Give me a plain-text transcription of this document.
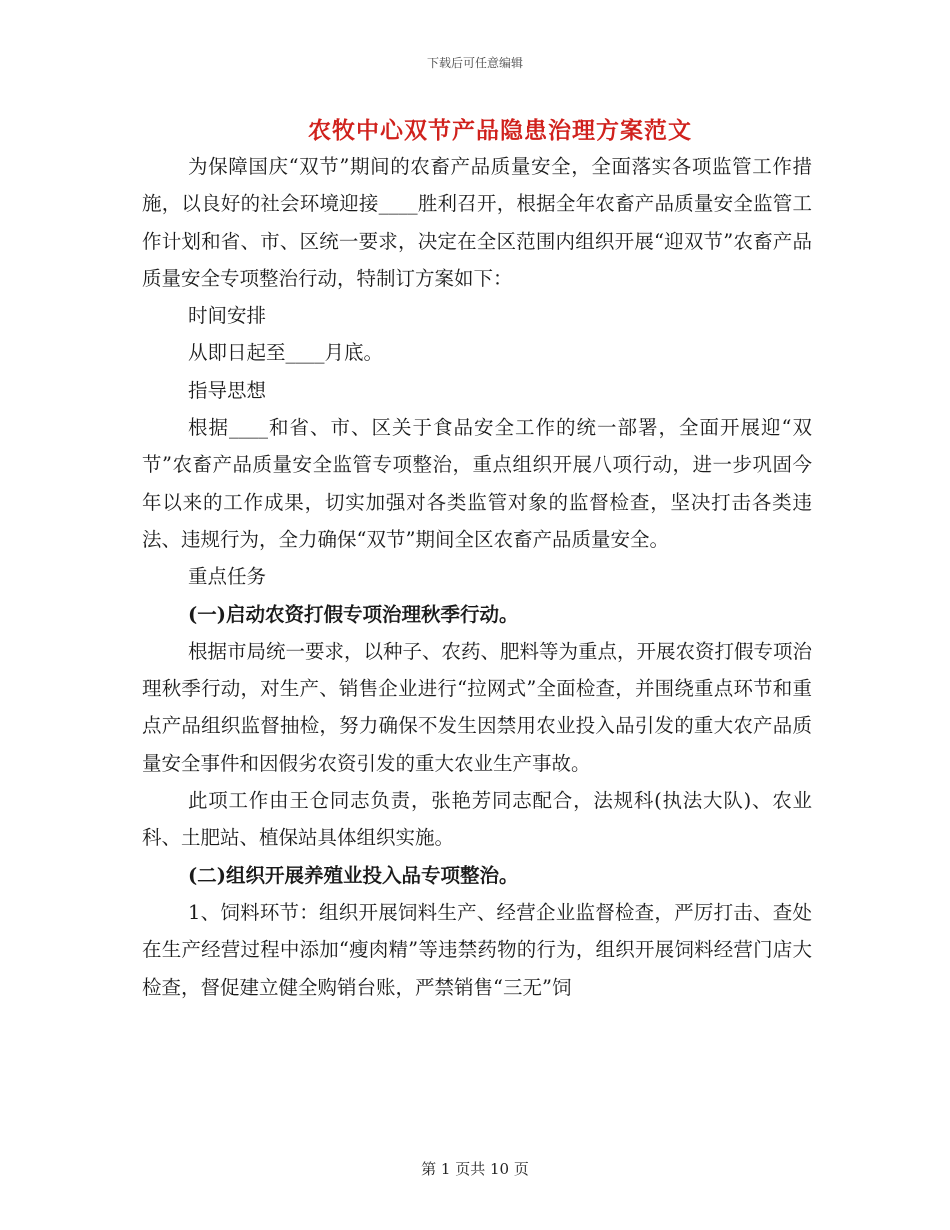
下载后可任意编辑
农牧中心双节产品隐患治理方案范文

为保障国庆“双节”期间的农畜产品质量安全，全面落实各项监管工作措施，以良好的社会环境迎接____胜利召开，根据全年农畜产品质量安全监管工作计划和省、市、区统一要求，决定在全区范围内组织开展“迎双节”农畜产品质量安全专项整治行动，特制订方案如下：

时间安排

从即日起至____月底。

指导思想

根据____和省、市、区关于食品安全工作的统一部署，全面开展迎“双节”农畜产品质量安全监管专项整治，重点组织开展八项行动，进一步巩固今年以来的工作成果，切实加强对各类监管对象的监督检查，坚决打击各类违法、违规行为，全力确保“双节”期间全区农畜产品质量安全。

重点任务

(一)启动农资打假专项治理秋季行动。

根据市局统一要求，以种子、农药、肥料等为重点，开展农资打假专项治理秋季行动，对生产、销售企业进行“拉网式”全面检查，并围绕重点环节和重点产品组织监督抽检，努力确保不发生因禁用农业投入品引发的重大农产品质量安全事件和因假劣农资引发的重大农业生产事故。

此项工作由王仓同志负责，张艳芳同志配合，法规科(执法大队)、农业科、土肥站、植保站具体组织实施。

(二)组织开展养殖业投入品专项整治。

1、饲料环节：组织开展饲料生产、经营企业监督检查，严厉打击、查处在生产经营过程中添加“瘦肉精”等违禁药物的行为，组织开展饲料经营门店大检查，督促建立健全购销台账，严禁销售“三无”饲

第 1 页共 10 页
